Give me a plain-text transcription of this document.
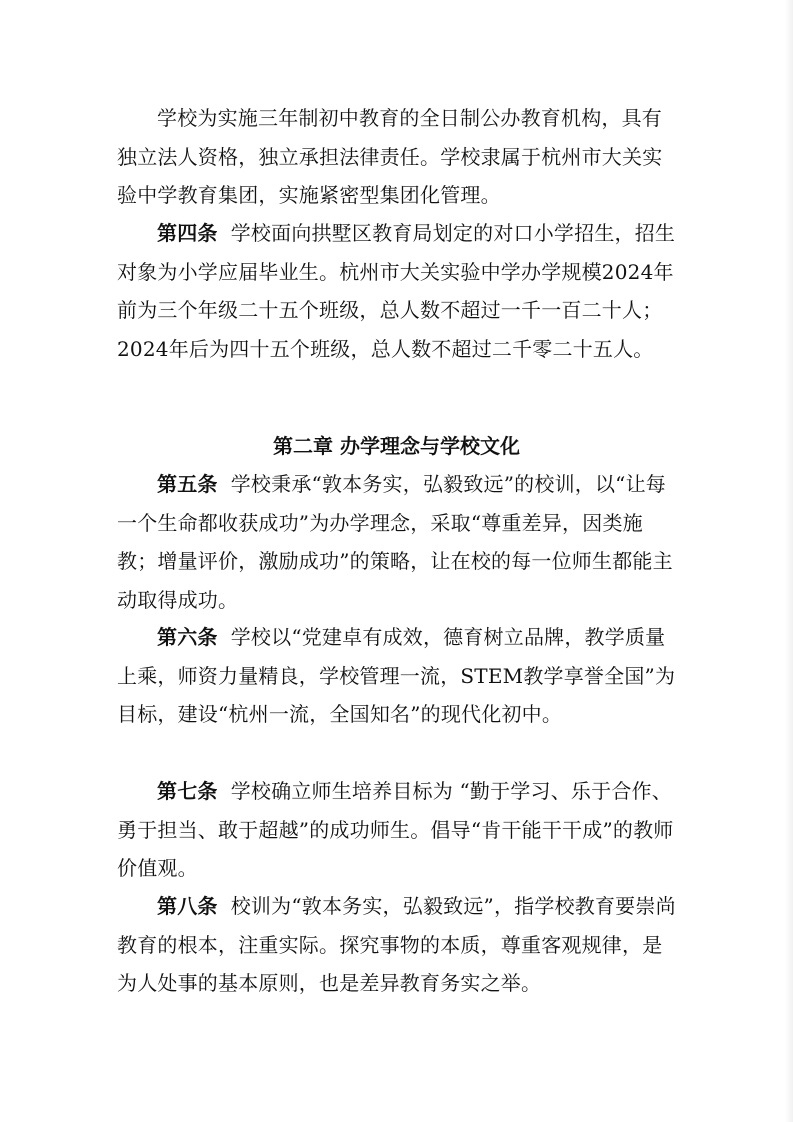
学校为实施三年制初中教育的全日制公办教育机构，具有独立法人资格，独立承担法律责任。学校隶属于杭州市大关实验中学教育集团，实施紧密型集团化管理。

第四条 学校面向拱墅区教育局划定的对口小学招生，招生对象为小学应届毕业生。杭州市大关实验中学办学规模2024年前为三个年级二十五个班级，总人数不超过一千一百二十人；2024年后为四十五个班级，总人数不超过二千零二十五人。

第二章 办学理念与学校文化

第五条 学校秉承“敦本务实，弘毅致远”的校训，以“让每一个生命都收获成功”为办学理念，采取“尊重差异，因类施教；增量评价，激励成功”的策略，让在校的每一位师生都能主动取得成功。

第六条 学校以“党建卓有成效，德育树立品牌，教学质量上乘，师资力量精良，学校管理一流，STEM教学享誉全国”为目标，建设“杭州一流，全国知名”的现代化初中。

第七条 学校确立师生培养目标为 “勤于学习、乐于合作、勇于担当、敢于超越”的成功师生。倡导“肯干能干干成”的教师价值观。

第八条 校训为“敦本务实，弘毅致远”，指学校教育要崇尚教育的根本，注重实际。探究事物的本质，尊重客观规律，是为人处事的基本原则，也是差异教育务实之举。
